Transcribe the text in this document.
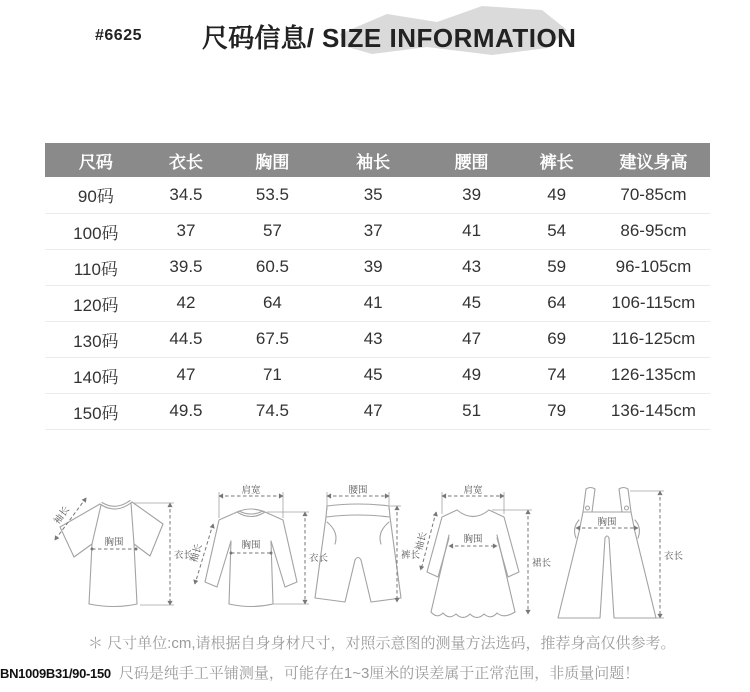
#6625 尺码信息/ SIZE INFORMATION
尺码	衣长	胸围	袖长	腰围	裤长	建议身高
90码	34.5	53.5	35	39	49	70-85cm
100码	37	57	37	41	54	86-95cm
110码	39.5	60.5	39	43	59	96-105cm
120码	42	64	41	45	64	106-115cm
130码	44.5	67.5	43	47	69	116-125cm
140码	47	71	45	49	74	126-135cm
150码	49.5	74.5	47	51	79	136-145cm
胸围
衣长
袖长
肩宽
胸围
衣长
袖长
腰围
裤长
肩宽
胸围
袖长
裙长
胸围
衣长
＊ 尺寸单位:cm,请根据自身身材尺寸，对照示意图的测量方法选码，推荐身高仅供参考。
BN1009B31/90-150 尺码是纯手工平铺测量，可能存在1~3厘米的误差属于正常范围，非质量问题！
